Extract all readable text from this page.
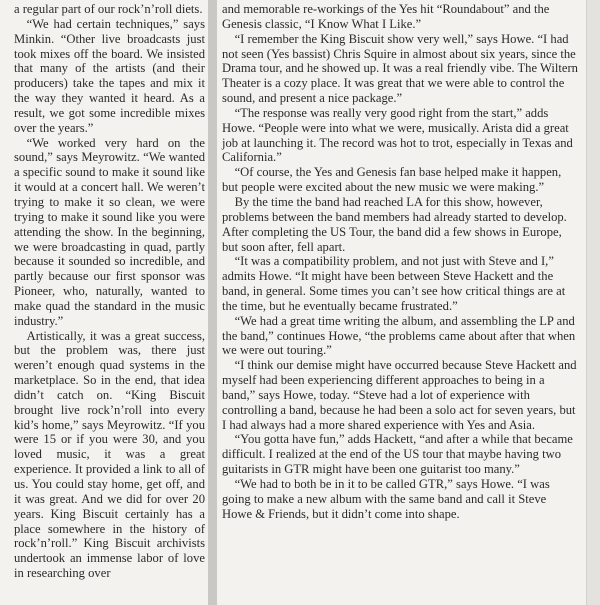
a regular part of our rock’n’roll diets.

“We had certain techniques,” says Minkin. “Other live broadcasts just took mixes off the board. We insisted that many of the artists (and their producers) take the tapes and mix it the way they wanted it heard. As a result, we got some incredible mixes over the years.”

“We worked very hard on the sound,” says Meyrowitz. “We wanted a specific sound to make it sound like it would at a concert hall. We weren’t trying to make it so clean, we were trying to make it sound like you were attending the show. In the beginning, we were broadcasting in quad, partly because it sounded so incredible, and partly because our first sponsor was Pioneer, who, naturally, wanted to make quad the standard in the music industry.”

Artistically, it was a great success, but the problem was, there just weren’t enough quad systems in the marketplace. So in the end, that idea didn’t catch on. “King Biscuit brought live rock’n’roll into every kid’s home,” says Meyrowitz. “If you were 15 or if you were 30, and you loved music, it was a great experience. It provided a link to all of us. You could stay home, get off, and it was great. And we did for over 20 years. King Biscuit certainly has a place somewhere in the history of rock’n’roll.” King Biscuit archivists undertook an immense labor of love in researching over

and memorable re-workings of the Yes hit “Roundabout” and the Genesis classic, “I Know What I Like.”

“I remember the King Biscuit show very well,” says Howe. “I had not seen (Yes bassist) Chris Squire in almost about six years, since the Drama tour, and he showed up. It was a real friendly vibe. The Wiltern Theater is a cozy place. It was great that we were able to control the sound, and present a nice package.”

“The response was really very good right from the start,” adds Howe. “People were into what we were, musically. Arista did a great job at launching it. The record was hot to trot, especially in Texas and California.”

“Of course, the Yes and Genesis fan base helped make it happen, but people were excited about the new music we were making.”

By the time the band had reached LA for this show, however, problems between the band members had already started to develop. After completing the US Tour, the band did a few shows in Europe, but soon after, fell apart.

“It was a compatibility problem, and not just with Steve and I,” admits Howe. “It might have been between Steve Hackett and the band, in general. Some times you can’t see how critical things are at the time, but he eventually became frustrated.”

“We had a great time writing the album, and assembling the LP and the band,” continues Howe, “the problems came about after that when we were out touring.”

“I think our demise might have occurred because Steve Hackett and myself had been experiencing different approaches to being in a band,” says Howe, today. “Steve had a lot of experience with controlling a band, because he had been a solo act for seven years, but I had always had a more shared experience with Yes and Asia.

“You gotta have fun,” adds Hackett, “and after a while that became difficult. I realized at the end of the US tour that maybe having two guitarists in GTR might have been one guitarist too many.”

“We had to both be in it to be called GTR,” says Howe. “I was going to make a new album with the same band and call it Steve Howe & Friends, but it didn’t come into shape.
